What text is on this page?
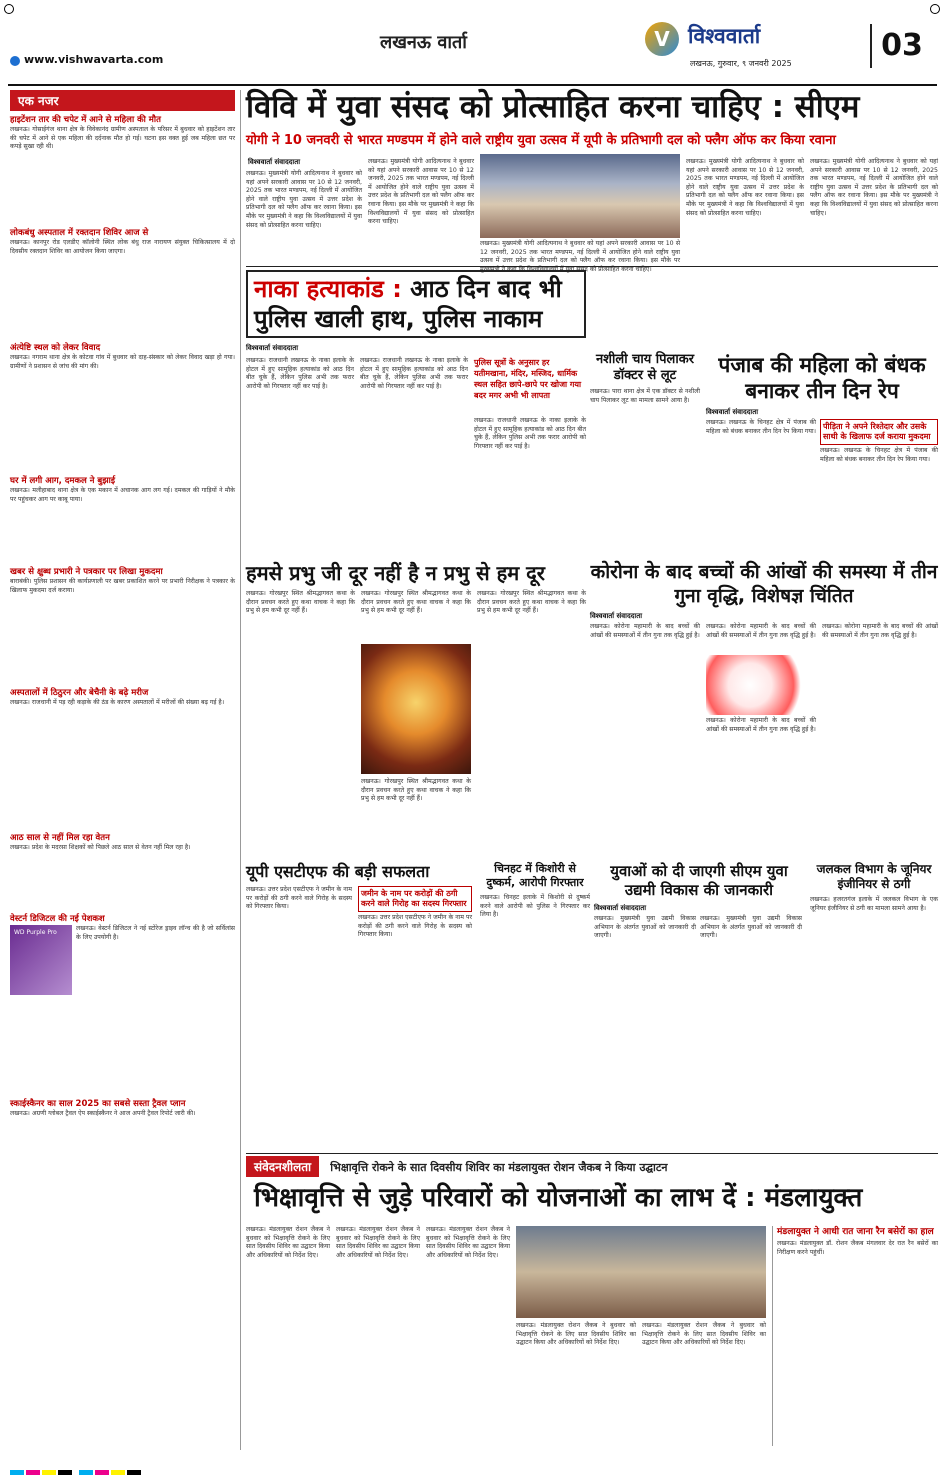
www.vishwavarta.com
लखनऊ वार्ता	V विश्ववार्ता
लखनऊ, गुरुवार, ९ जनवरी 2025
03
एक नजर
हाइटेंशन तार की चपेट में आने से महिला की मौत
लखनऊ। गोसाईगंज थाना क्षेत्र के विवेकानंद ग्रामीण अस्पताल के परिसर में बुधवार को हाइटेंशन तार की चपेट में आने से एक महिला की दर्दनाक मौत हो गई। घटना इस वक्त हुई जब महिला छत पर कपड़े सुखा रही थी।
लोकबंधु अस्पताल में रक्तदान शिविर आज से
लखनऊ। कानपुर रोड एलडीए कॉलोनी स्थित लोक बंधु राज नारायण संयुक्त चिकित्सालय में दो दिवसीय रक्तदान शिविर का आयोजन किया जाएगा।
अंत्येष्टि स्थल को लेकर विवाद
लखनऊ। नगराम थाना क्षेत्र के कोटवा गांव में बुधवार को दाह-संस्कार को लेकर विवाद खड़ा हो गया। ग्रामीणों ने प्रशासन से जांच की मांग की।
घर में लगी आग, दमकल ने बुझाई
लखनऊ। मलीहाबाद थाना क्षेत्र के एक मकान में अचानक आग लग गई। दमकल की गाड़ियों ने मौके पर पहुंचकर आग पर काबू पाया।
खबर से क्षुब्ध प्रभारी ने पत्रकार पर लिखा मुकदमा
बाराबंकी। पुलिस प्रशासन की कार्यप्रणाली पर खबर प्रकाशित करने पर प्रभारी निरीक्षक ने पत्रकार के खिलाफ मुकदमा दर्ज कराया।
अस्पतालों में ठिठुरन और बेचैनी के बढ़े मरीज
लखनऊ। राजधानी में पड़ रही कड़ाके की ठंड के कारण अस्पतालों में मरीजों की संख्या बढ़ गई है।
आठ साल से नहीं मिल रहा वेतन
लखनऊ। प्रदेश के मदरसा शिक्षकों को पिछले आठ साल से वेतन नहीं मिल रहा है।
वेस्टर्न डिजिटल की नई पेशकश
WD Purple Pro
लखनऊ। वेस्टर्न डिजिटल ने नई स्टोरेज ड्राइव लॉन्च की है जो सर्विलांस के लिए उपयोगी है।
स्काईस्कैनर का साल 2025 का सबसे सस्ता ट्रैवल प्लान
लखनऊ। अग्रणी ग्लोबल ट्रैवल ऐप स्काईस्कैनर ने आज अपनी ट्रैवल रिपोर्ट जारी की।
विवि में युवा संसद को प्रोत्साहित करना चाहिए : सीएम
योगी ने 10 जनवरी से भारत मण्डपम में होने वाले राष्ट्रीय युवा उत्सव में यूपी के प्रतिभागी दल को फ्लैग ऑफ कर किया रवाना
विश्ववार्ता संवाददाता
लखनऊ। मुख्यमंत्री योगी आदित्यनाथ ने बुधवार को यहां अपने सरकारी आवास पर 10 से 12 जनवरी, 2025 तक भारत मण्डपम, नई दिल्ली में आयोजित होने वाले राष्ट्रीय युवा उत्सव में उत्तर प्रदेश के प्रतिभागी दल को फ्लैग ऑफ कर रवाना किया। इस मौके पर मुख्यमंत्री ने कहा कि विश्वविद्यालयों में युवा संसद को प्रोत्साहित करना चाहिए।
लखनऊ। मुख्यमंत्री योगी आदित्यनाथ ने बुधवार को यहां अपने सरकारी आवास पर 10 से 12 जनवरी, 2025 तक भारत मण्डपम, नई दिल्ली में आयोजित होने वाले राष्ट्रीय युवा उत्सव में उत्तर प्रदेश के प्रतिभागी दल को फ्लैग ऑफ कर रवाना किया। इस मौके पर मुख्यमंत्री ने कहा कि विश्वविद्यालयों में युवा संसद को प्रोत्साहित करना चाहिए।
लखनऊ। मुख्यमंत्री योगी आदित्यनाथ ने बुधवार को यहां अपने सरकारी आवास पर 10 से 12 जनवरी, 2025 तक भारत मण्डपम, नई दिल्ली में आयोजित होने वाले राष्ट्रीय युवा उत्सव में उत्तर प्रदेश के प्रतिभागी दल को फ्लैग ऑफ कर रवाना किया। इस मौके पर मुख्यमंत्री ने कहा कि विश्वविद्यालयों में युवा संसद को प्रोत्साहित करना चाहिए।
लखनऊ। मुख्यमंत्री योगी आदित्यनाथ ने बुधवार को यहां अपने सरकारी आवास पर 10 से 12 जनवरी, 2025 तक भारत मण्डपम, नई दिल्ली में आयोजित होने वाले राष्ट्रीय युवा उत्सव में उत्तर प्रदेश के प्रतिभागी दल को फ्लैग ऑफ कर रवाना किया। इस मौके पर मुख्यमंत्री ने कहा कि विश्वविद्यालयों में युवा संसद को प्रोत्साहित करना चाहिए।
लखनऊ। मुख्यमंत्री योगी आदित्यनाथ ने बुधवार को यहां अपने सरकारी आवास पर 10 से 12 जनवरी, 2025 तक भारत मण्डपम, नई दिल्ली में आयोजित होने वाले राष्ट्रीय युवा उत्सव में उत्तर प्रदेश के प्रतिभागी दल को फ्लैग ऑफ कर रवाना किया। इस मौके पर मुख्यमंत्री ने कहा कि विश्वविद्यालयों में युवा संसद को प्रोत्साहित करना चाहिए।
नाका हत्याकांड : आठ दिन बाद भी पुलिस खाली हाथ, पुलिस नाकाम
विश्ववार्ता संवाददाता
लखनऊ। राजधानी लखनऊ के नाका इलाके के होटल में हुए सामूहिक हत्याकांड को आठ दिन बीत चुके हैं, लेकिन पुलिस अभी तक फरार आरोपी को गिरफ्तार नहीं कर पाई है।
लखनऊ। राजधानी लखनऊ के नाका इलाके के होटल में हुए सामूहिक हत्याकांड को आठ दिन बीत चुके हैं, लेकिन पुलिस अभी तक फरार आरोपी को गिरफ्तार नहीं कर पाई है।
पुलिस सूत्रों के अनुसार हर यतीमखाना, मंदिर, मस्जिद, धार्मिक स्थल सहित छापे-छापे पर खोजा गया बदर मगर अभी भी लापता
लखनऊ। राजधानी लखनऊ के नाका इलाके के होटल में हुए सामूहिक हत्याकांड को आठ दिन बीत चुके हैं, लेकिन पुलिस अभी तक फरार आरोपी को गिरफ्तार नहीं कर पाई है।
नशीली चाय पिलाकर डॉक्टर से लूट
लखनऊ। पारा थाना क्षेत्र में एक डॉक्टर से नशीली चाय पिलाकर लूट का मामला सामने आया है।
पंजाब की महिला को बंधक बनाकर तीन दिन रेप
विश्ववार्ता संवाददाता
लखनऊ। लखनऊ के चिनहट क्षेत्र में पंजाब की महिला को बंधक बनाकर तीन दिन रेप किया गया।
पीड़िता ने अपने रिश्तेदार और उसके साथी के खिलाफ दर्ज कराया मुकदमा
लखनऊ। लखनऊ के चिनहट क्षेत्र में पंजाब की महिला को बंधक बनाकर तीन दिन रेप किया गया।
हमसे प्रभु जी दूर नहीं है न प्रभु से हम दूर
लखनऊ। गोरखपुर स्थित श्रीमद्भागवत कथा के दौरान प्रवचन करते हुए कथा वाचक ने कहा कि प्रभु से हम कभी दूर नहीं हैं।
लखनऊ। गोरखपुर स्थित श्रीमद्भागवत कथा के दौरान प्रवचन करते हुए कथा वाचक ने कहा कि प्रभु से हम कभी दूर नहीं हैं।
लखनऊ। गोरखपुर स्थित श्रीमद्भागवत कथा के दौरान प्रवचन करते हुए कथा वाचक ने कहा कि प्रभु से हम कभी दूर नहीं हैं।
लखनऊ। गोरखपुर स्थित श्रीमद्भागवत कथा के दौरान प्रवचन करते हुए कथा वाचक ने कहा कि प्रभु से हम कभी दूर नहीं हैं।
कोरोना के बाद बच्चों की आंखों की समस्या में तीन गुना वृद्धि, विशेषज्ञ चिंतित
विश्ववार्ता संवाददाता
लखनऊ। कोरोना महामारी के बाद बच्चों की आंखों की समस्याओं में तीन गुना तक वृद्धि हुई है।
लखनऊ। कोरोना महामारी के बाद बच्चों की आंखों की समस्याओं में तीन गुना तक वृद्धि हुई है।
लखनऊ। कोरोना महामारी के बाद बच्चों की आंखों की समस्याओं में तीन गुना तक वृद्धि हुई है।
लखनऊ। कोरोना महामारी के बाद बच्चों की आंखों की समस्याओं में तीन गुना तक वृद्धि हुई है।
यूपी एसटीएफ की बड़ी सफलता
लखनऊ। उत्तर प्रदेश एसटीएफ ने जमीन के नाम पर करोड़ों की ठगी करने वाले गिरोह के सदस्य को गिरफ्तार किया।
जमीन के नाम पर करोड़ों की ठगी करने वाले गिरोह का सदस्य गिरफ्तार
लखनऊ। उत्तर प्रदेश एसटीएफ ने जमीन के नाम पर करोड़ों की ठगी करने वाले गिरोह के सदस्य को गिरफ्तार किया।
चिनहट में किशोरी से दुष्कर्म, आरोपी गिरफ्तार
लखनऊ। चिनहट इलाके में किशोरी से दुष्कर्म करने वाले आरोपी को पुलिस ने गिरफ्तार कर लिया है।
युवाओं को दी जाएगी सीएम युवा उद्यमी विकास की जानकारी
विश्ववार्ता संवाददाता
लखनऊ। मुख्यमंत्री युवा उद्यमी विकास अभियान के अंतर्गत युवाओं को जानकारी दी जाएगी।
लखनऊ। मुख्यमंत्री युवा उद्यमी विकास अभियान के अंतर्गत युवाओं को जानकारी दी जाएगी।
जलकल विभाग के जूनियर इंजीनियर से ठगी
लखनऊ। हजरतगंज इलाके में जलकल विभाग के एक जूनियर इंजीनियर से ठगी का मामला सामने आया है।
संवेदनशीलता भिक्षावृत्ति रोकने के सात दिवसीय शिविर का मंडलायुक्त रोशन जैकब ने किया उद्घाटन
भिक्षावृत्ति से जुड़े परिवारों को योजनाओं का लाभ दें : मंडलायुक्त
लखनऊ। मंडलायुक्त रोशन जैकब ने बुधवार को भिक्षावृत्ति रोकने के लिए सात दिवसीय शिविर का उद्घाटन किया और अधिकारियों को निर्देश दिए।
लखनऊ। मंडलायुक्त रोशन जैकब ने बुधवार को भिक्षावृत्ति रोकने के लिए सात दिवसीय शिविर का उद्घाटन किया और अधिकारियों को निर्देश दिए।
लखनऊ। मंडलायुक्त रोशन जैकब ने बुधवार को भिक्षावृत्ति रोकने के लिए सात दिवसीय शिविर का उद्घाटन किया और अधिकारियों को निर्देश दिए।
लखनऊ। मंडलायुक्त रोशन जैकब ने बुधवार को भिक्षावृत्ति रोकने के लिए सात दिवसीय शिविर का उद्घाटन किया और अधिकारियों को निर्देश दिए।
लखनऊ। मंडलायुक्त रोशन जैकब ने बुधवार को भिक्षावृत्ति रोकने के लिए सात दिवसीय शिविर का उद्घाटन किया और अधिकारियों को निर्देश दिए।
मंडलायुक्त ने आधी रात जाना रैन बसेरों का हाल
लखनऊ। मंडलायुक्त डॉ. रोशन जैकब मंगलवार देर रात रैन बसेरों का निरीक्षण करने पहुंचीं।
